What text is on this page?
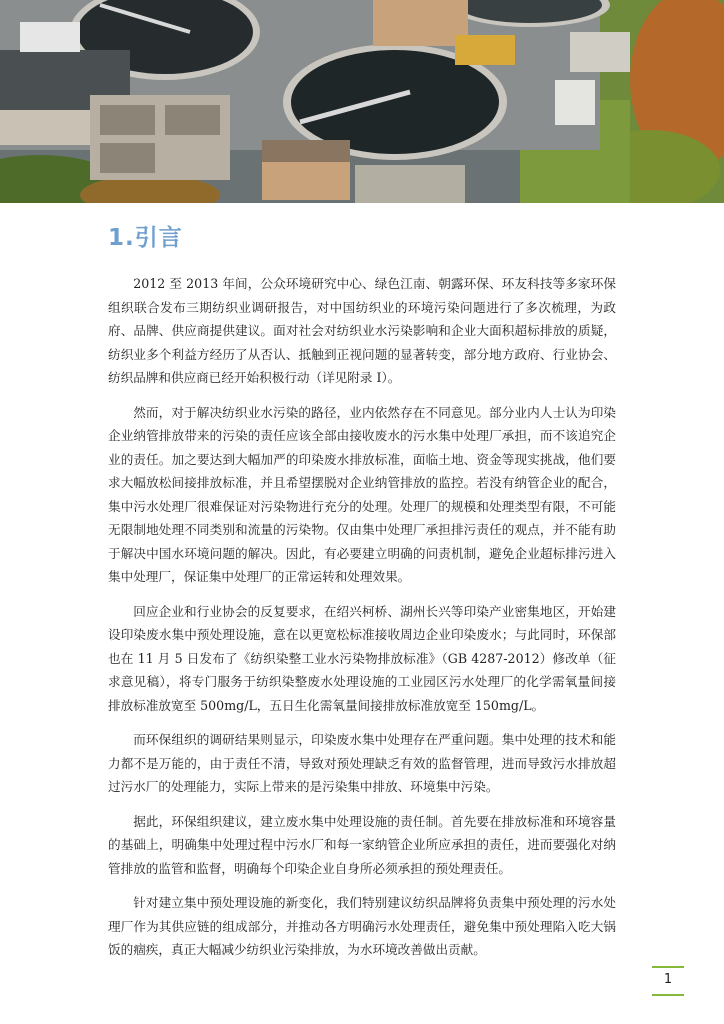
1.引言

2012 至 2013 年间，公众环境研究中心、绿色江南、朝露环保、环友科技等多家环保组织联合发布三期纺织业调研报告，对中国纺织业的环境污染问题进行了多次梳理，为政府、品牌、供应商提供建议。面对社会对纺织业水污染影响和企业大面积超标排放的质疑，纺织业多个利益方经历了从否认、抵触到正视问题的显著转变，部分地方政府、行业协会、纺织品牌和供应商已经开始积极行动（详见附录 I）。

然而，对于解决纺织业水污染的路径，业内依然存在不同意见。部分业内人士认为印染企业纳管排放带来的污染的责任应该全部由接收废水的污水集中处理厂承担，而不该追究企业的责任。加之要达到大幅加严的印染废水排放标准，面临土地、资金等现实挑战，他们要求大幅放松间接排放标准，并且希望摆脱对企业纳管排放的监控。若没有纳管企业的配合，集中污水处理厂很难保证对污染物进行充分的处理。处理厂的规模和处理类型有限，不可能无限制地处理不同类别和流量的污染物。仅由集中处理厂承担排污责任的观点，并不能有助于解决中国水环境问题的解决。因此，有必要建立明确的问责机制，避免企业超标排污进入集中处理厂，保证集中处理厂的正常运转和处理效果。

回应企业和行业协会的反复要求，在绍兴柯桥、湖州长兴等印染产业密集地区，开始建设印染废水集中预处理设施，意在以更宽松标准接收周边企业印染废水；与此同时，环保部也在 11 月 5 日发布了《纺织染整工业水污染物排放标准》（GB 4287-2012）修改单（征求意见稿），将专门服务于纺织染整废水处理设施的工业园区污水处理厂的化学需氧量间接排放标准放宽至 500mg/L，五日生化需氧量间接排放标准放宽至 150mg/L。

而环保组织的调研结果则显示，印染废水集中处理存在严重问题。集中处理的技术和能力都不是万能的，由于责任不清，导致对预处理缺乏有效的监督管理，进而导致污水排放超过污水厂的处理能力，实际上带来的是污染集中排放、环境集中污染。

据此，环保组织建议，建立废水集中处理设施的责任制。首先要在排放标准和环境容量的基础上，明确集中处理过程中污水厂和每一家纳管企业所应承担的责任，进而要强化对纳管排放的监管和监督，明确每个印染企业自身所必须承担的预处理责任。

针对建立集中预处理设施的新变化，我们特别建议纺织品牌将负责集中预处理的污水处理厂作为其供应链的组成部分，并推动各方明确污水处理责任，避免集中预处理陷入吃大锅饭的痼疾，真正大幅减少纺织业污染排放，为水环境改善做出贡献。

1
